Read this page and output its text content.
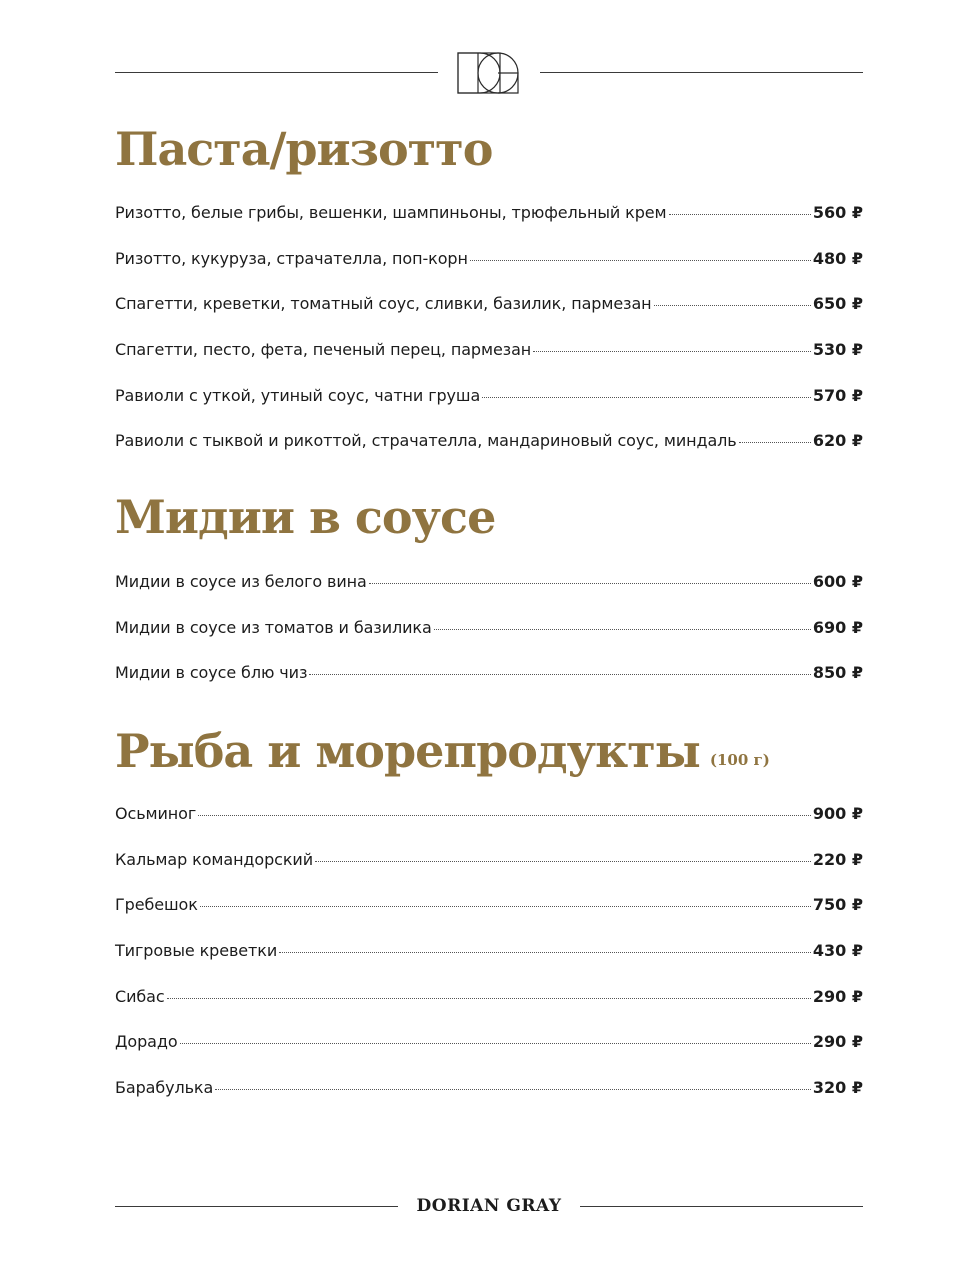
Паста/ризотто
Ризотто, белые грибы, вешенки, шампиньоны, трюфельный крем	560 ₽
Ризотто, кукуруза, страчателла, поп-корн	480 ₽
Спагетти, креветки, томатный соус, сливки, базилик, пармезан	650 ₽
Спагетти, песто, фета, печеный перец, пармезан	530 ₽
Равиоли с уткой, утиный соус, чатни груша	570 ₽
Равиоли с тыквой и рикоттой, страчателла, мандариновый соус, миндаль	620 ₽
Мидии в соусе
Мидии в соусе из белого вина	600 ₽
Мидии в соусе из томатов и базилика	690 ₽
Мидии в соусе блю чиз	850 ₽
Рыба и морепродукты (100 г)
Осьминог	900 ₽
Кальмар командорский	220 ₽
Гребешок	750 ₽
Тигровые креветки	430 ₽
Сибас	290 ₽
Дорадо	290 ₽
Барабулька	320 ₽
DORIAN GRAY
